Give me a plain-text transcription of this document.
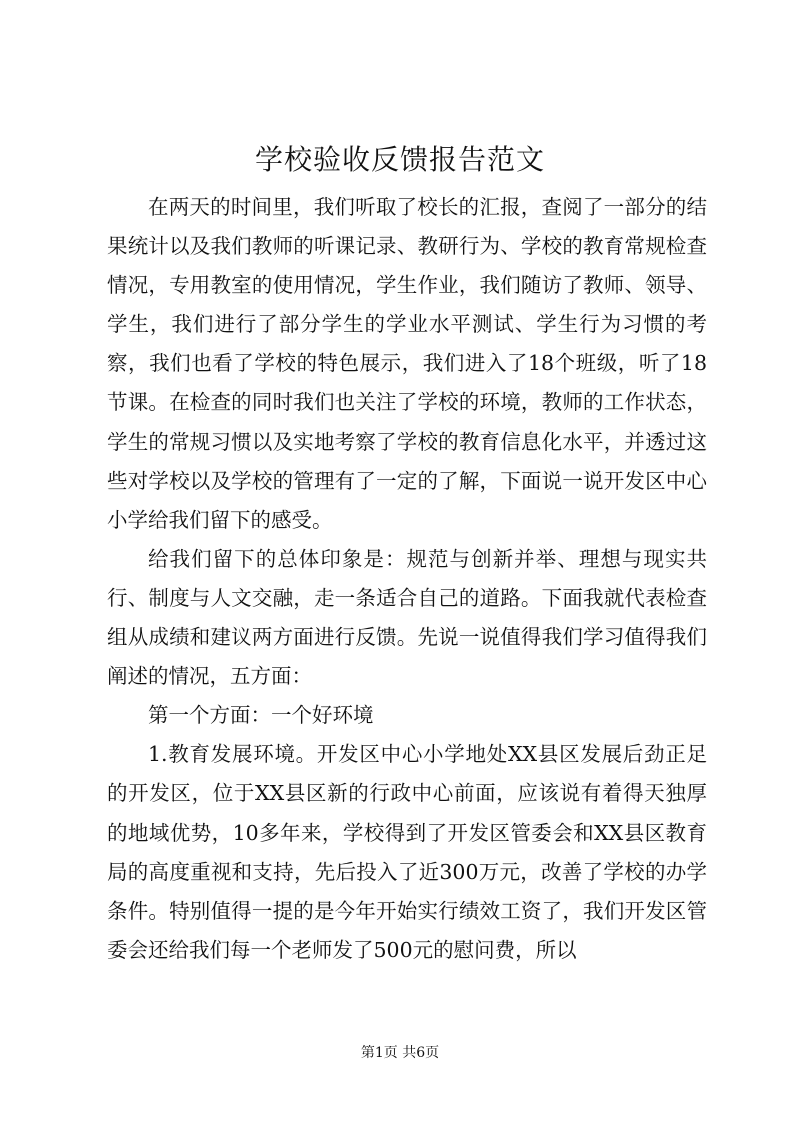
学校验收反馈报告范文

在两天的时间里，我们听取了校长的汇报，查阅了一部分的结果统计以及我们教师的听课记录、教研行为、学校的教育常规检查情况，专用教室的使用情况，学生作业，我们随访了教师、领导、学生，我们进行了部分学生的学业水平测试、学生行为习惯的考察，我们也看了学校的特色展示，我们进入了18个班级，听了18节课。在检查的同时我们也关注了学校的环境，教师的工作状态，学生的常规习惯以及实地考察了学校的教育信息化水平，并透过这些对学校以及学校的管理有了一定的了解，下面说一说开发区中心小学给我们留下的感受。

给我们留下的总体印象是：规范与创新并举、理想与现实共行、制度与人文交融，走一条适合自己的道路。下面我就代表检查组从成绩和建议两方面进行反馈。先说一说值得我们学习值得我们阐述的情况，五方面：

第一个方面：一个好环境

1.教育发展环境。开发区中心小学地处XX县区发展后劲正足的开发区，位于XX县区新的行政中心前面，应该说有着得天独厚的地域优势，10多年来，学校得到了开发区管委会和XX县区教育局的高度重视和支持，先后投入了近300万元，改善了学校的办学条件。特别值得一提的是今年开始实行绩效工资了，我们开发区管委会还给我们每一个老师发了500元的慰问费，所以

第1页 共6页
